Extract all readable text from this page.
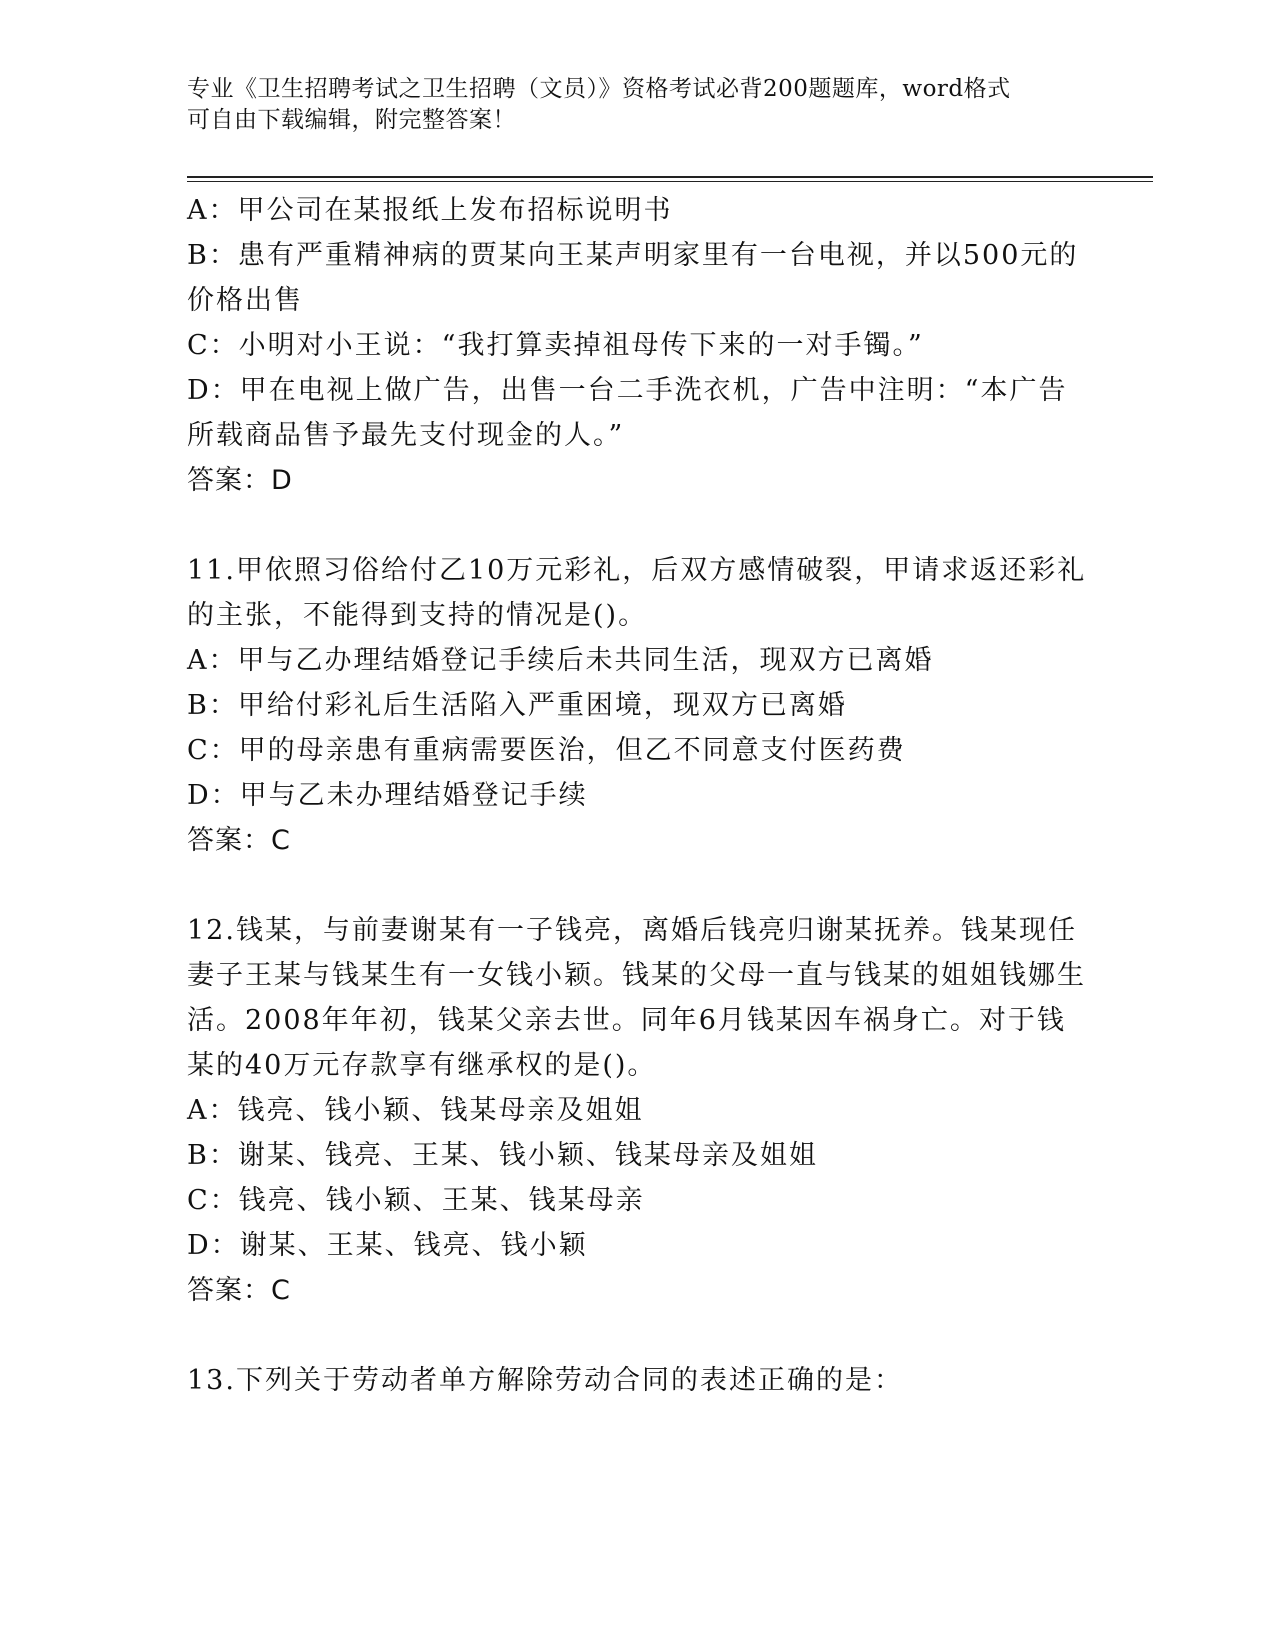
专业《卫生招聘考试之卫生招聘（文员）》资格考试必背200题题库，word格式
可自由下载编辑，附完整答案！

A：甲公司在某报纸上发布招标说明书

B：患有严重精神病的贾某向王某声明家里有一台电视，并以500元的价格出售

C：小明对小王说：“我打算卖掉祖母传下来的一对手镯。”

D：甲在电视上做广告，出售一台二手洗衣机，广告中注明：“本广告所载商品售予最先支付现金的人。”

答案：D

11.甲依照习俗给付乙10万元彩礼，后双方感情破裂，甲请求返还彩礼的主张，不能得到支持的情况是()。

A：甲与乙办理结婚登记手续后未共同生活，现双方已离婚

B：甲给付彩礼后生活陷入严重困境，现双方已离婚

C：甲的母亲患有重病需要医治，但乙不同意支付医药费

D：甲与乙未办理结婚登记手续

答案：C

12.钱某，与前妻谢某有一子钱亮，离婚后钱亮归谢某抚养。钱某现任妻子王某与钱某生有一女钱小颖。钱某的父母一直与钱某的姐姐钱娜生活。2008年年初，钱某父亲去世。同年6月钱某因车祸身亡。对于钱某的40万元存款享有继承权的是()。

A：钱亮、钱小颖、钱某母亲及姐姐

B：谢某、钱亮、王某、钱小颖、钱某母亲及姐姐

C：钱亮、钱小颖、王某、钱某母亲

D：谢某、王某、钱亮、钱小颖

答案：C

13.下列关于劳动者单方解除劳动合同的表述正确的是：
